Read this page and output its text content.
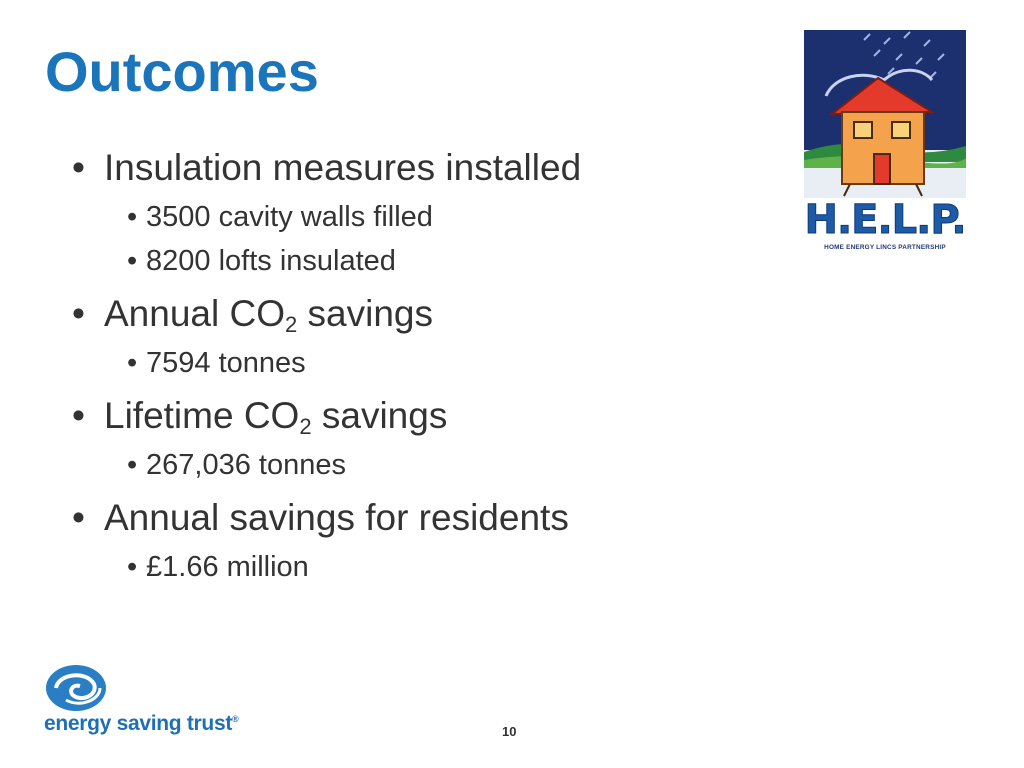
Outcomes

• Insulation measures installed

• 3500 cavity walls filled

• 8200 lofts insulated

• Annual $CO_2$ savings

• 7594 tonnes

• Lifetime $CO_2$ savings

• 267,036 tonnes

• Annual savings for residents

• £1.66 million

H.E.L.P.
HOME ENERGY LINCS PARTNERSHIP
energy saving trust®
10
